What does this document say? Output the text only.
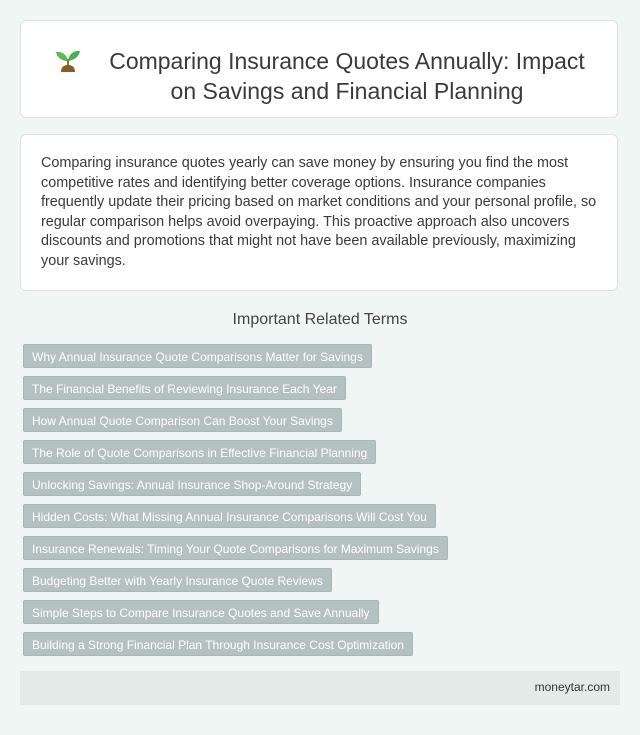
Comparing Insurance Quotes Annually: Impact on Savings and Financial Planning

Comparing insurance quotes yearly can save money by ensuring you find the most competitive rates and identifying better coverage options. Insurance companies frequently update their pricing based on market conditions and your personal profile, so regular comparison helps avoid overpaying. This proactive approach also uncovers discounts and promotions that might not have been available previously, maximizing your savings.

Important Related Terms
Why Annual Insurance Quote Comparisons Matter for Savings
The Financial Benefits of Reviewing Insurance Each Year
How Annual Quote Comparison Can Boost Your Savings
The Role of Quote Comparisons in Effective Financial Planning
Unlocking Savings: Annual Insurance Shop-Around Strategy
Hidden Costs: What Missing Annual Insurance Comparisons Will Cost You
Insurance Renewals: Timing Your Quote Comparisons for Maximum Savings
Budgeting Better with Yearly Insurance Quote Reviews
Simple Steps to Compare Insurance Quotes and Save Annually
Building a Strong Financial Plan Through Insurance Cost Optimization
moneytar.com
